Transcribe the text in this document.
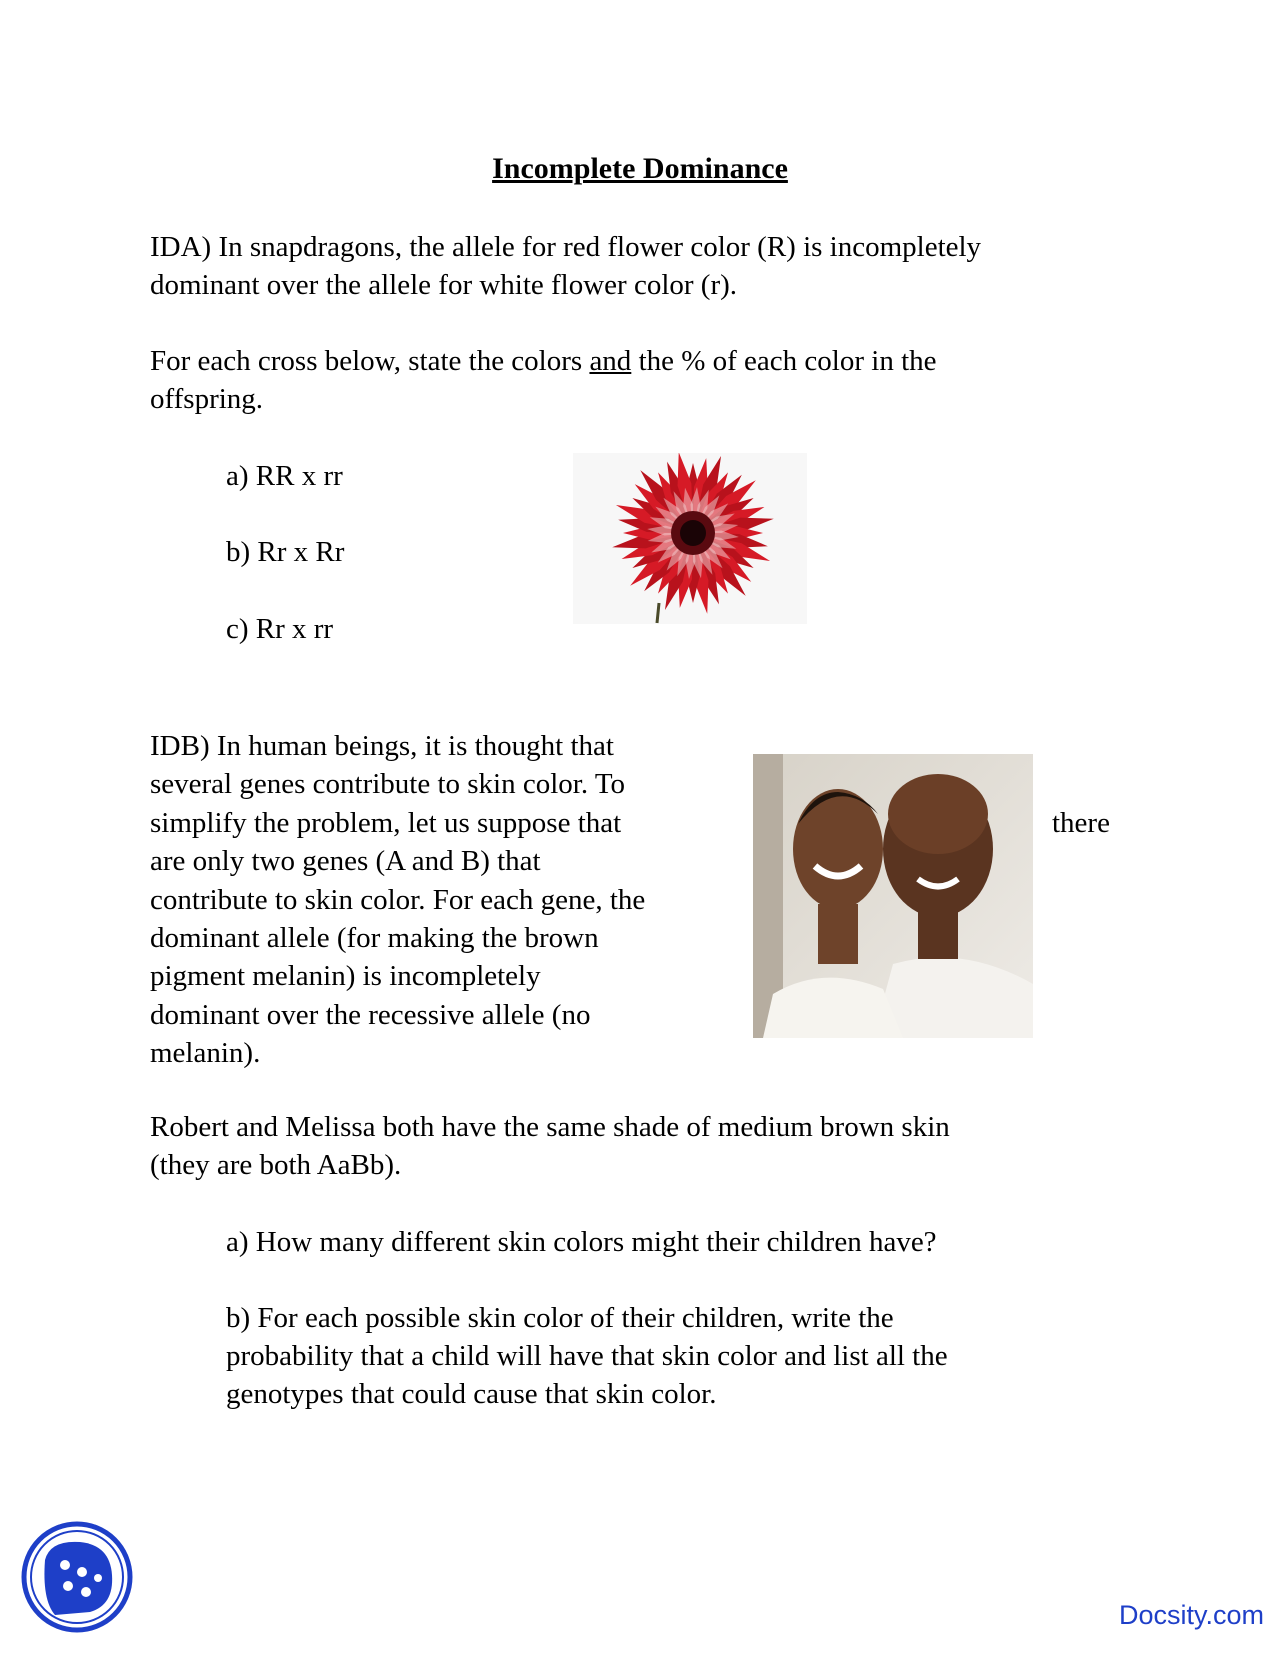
Incomplete Dominance
IDA) In snapdragons, the allele for red flower color (R) is incompletely
dominant over the allele for white flower color (r).
For each cross below, state the colors and the % of each color in the
offspring.
a) RR x rr
b) Rr x Rr
c) Rr x rr
IDB) In human beings, it is thought that
several genes contribute to skin color. To
simplify the problem, let us suppose that
are only two genes (A and B) that
contribute to skin color. For each gene, the
dominant allele (for making the brown
pigment melanin) is incompletely
dominant over the recessive allele (no
melanin).
there
Robert and Melissa both have the same shade of medium brown skin
(they are both AaBb).
a) How many different skin colors might their children have?
b) For each possible skin color of their children, write the
probability that a child will have that skin color and list all the
genotypes that could cause that skin color.
Docsity.com
